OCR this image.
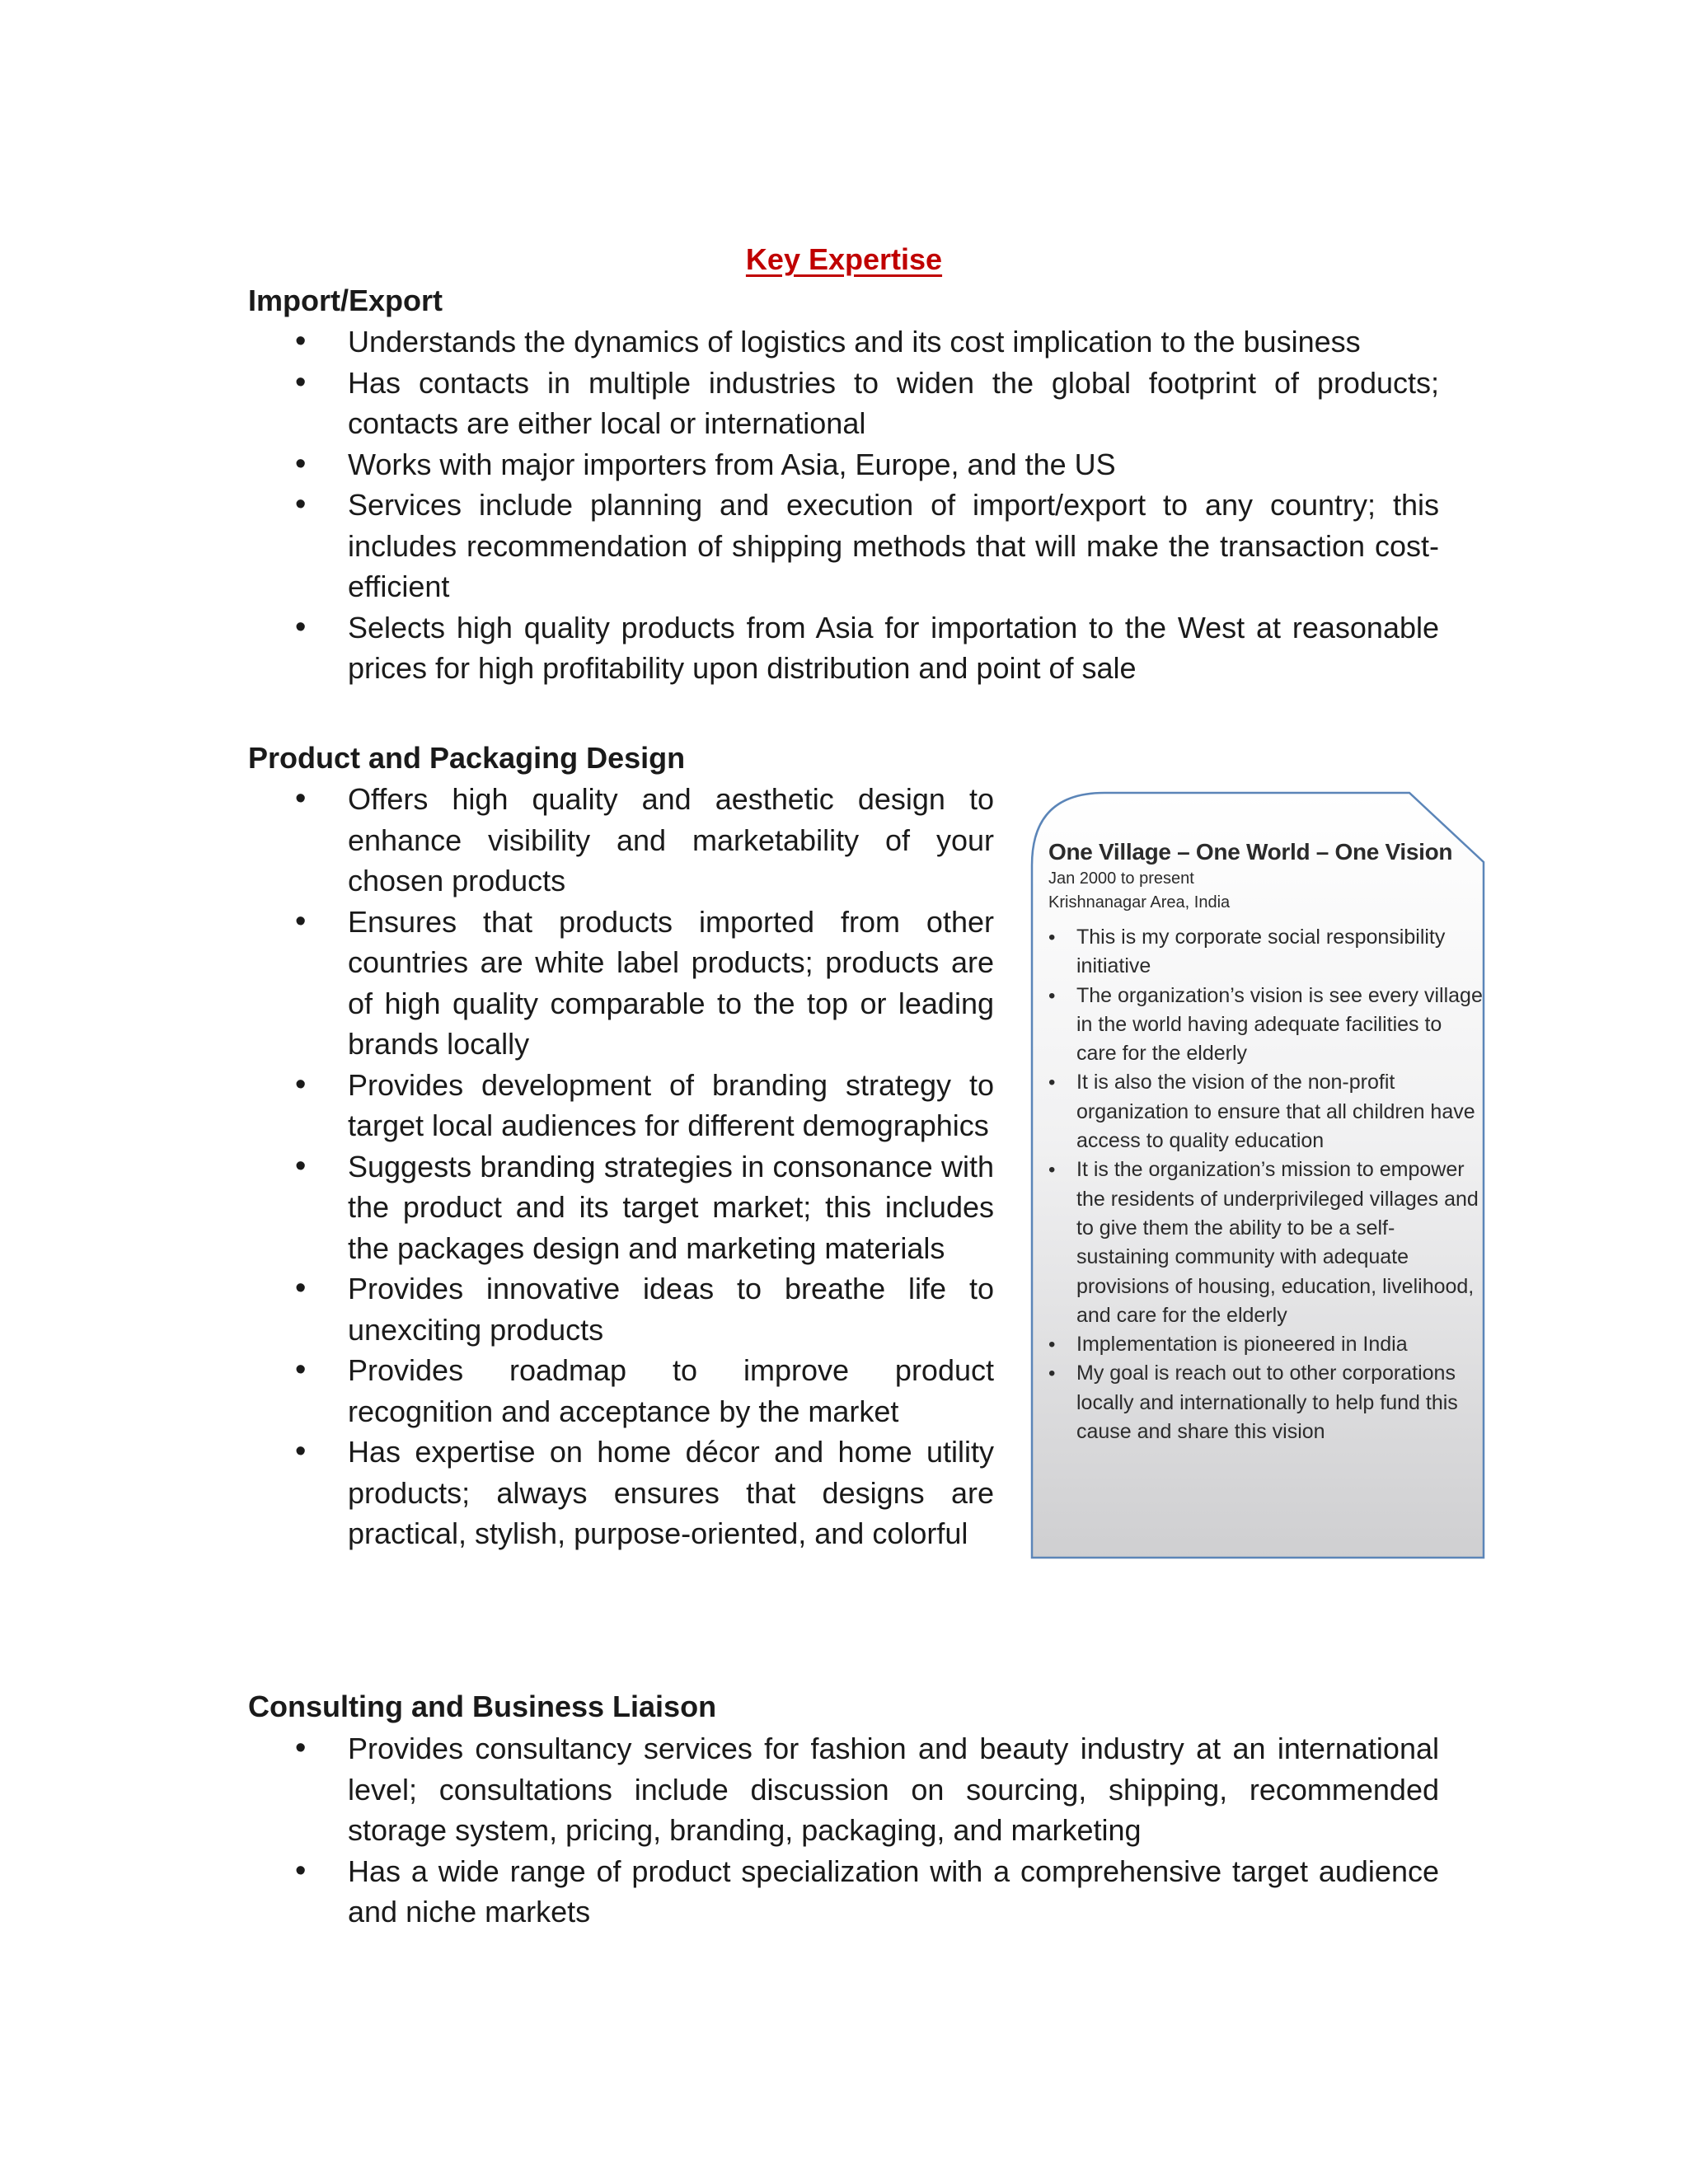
Key Expertise
Import/Export
• Understands the dynamics of logistics and its cost implication to the business
• Has contacts in multiple industries to widen the global footprint of products; contacts are either local or international
• Works with major importers from Asia, Europe, and the US
• Services include planning and execution of import/export to any country; this includes recommendation of shipping methods that will make the transaction cost-efficient
• Selects high quality products from Asia for importation to the West at reasonable prices for high profitability upon distribution and point of sale
Product and Packaging Design
• Offers high quality and aesthetic design to enhance visibility and marketability of your chosen products
• Ensures that products imported from other countries are white label products; products are of high quality comparable to the top or leading brands locally
• Provides development of branding strategy to target local audiences for different demographics
• Suggests branding strategies in consonance with the product and its target market; this includes the packages design and marketing materials
• Provides innovative ideas to breathe life to unexciting products
• Provides roadmap to improve product recognition and acceptance by the market
• Has expertise on home décor and home utility products; always ensures that designs are practical, stylish, purpose-oriented, and colorful
One Village – One World – One Vision
Jan 2000 to present
Krishnanagar Area, India
• This is my corporate social responsibility initiative
• The organization’s vision is see every village in the world having adequate facilities to care for the elderly
• It is also the vision of the non-profit organization to ensure that all children have access to quality education
• It is the organization’s mission to empower the residents of underprivileged villages and to give them the ability to be a self-sustaining community with adequate provisions of housing, education, livelihood, and care for the elderly
• Implementation is pioneered in India
• My goal is reach out to other corporations locally and internationally to help fund this cause and share this vision
Consulting and Business Liaison
• Provides consultancy services for fashion and beauty industry at an international level; consultations include discussion on sourcing, shipping, recommended storage system, pricing, branding, packaging, and marketing
• Has a wide range of product specialization with a comprehensive target audience and niche markets
